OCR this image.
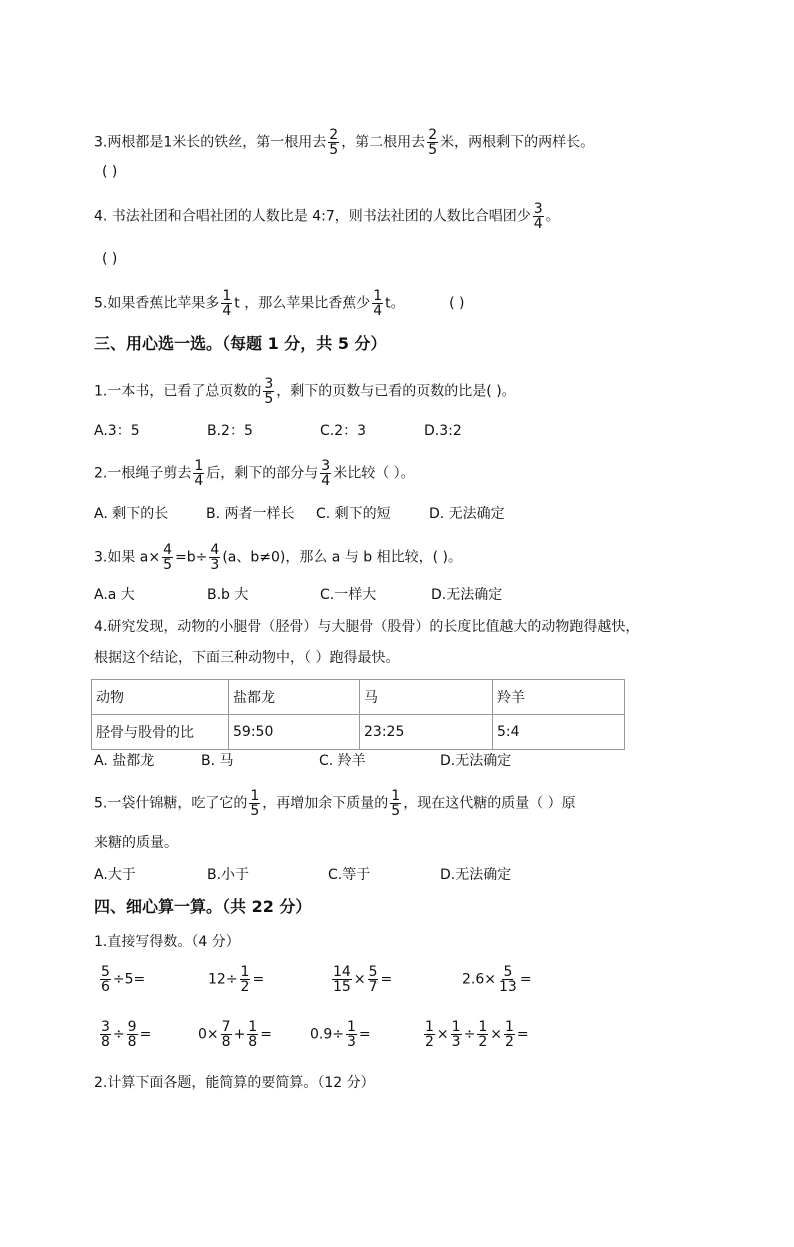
3.两根都是1米长的铁丝，第一根用去 $\frac{2}{5}$ ，第二根用去 $\frac{2}{5}$ 米，两根剩下的两样长。
( )
4. 书法社团和合唱社团的人数比是 4:7，则书法社团的人数比合唱团少 $\frac{3}{4}$ 。
( )
5.如果香蕉比苹果多 $\frac{1}{4}$ t ，那么苹果比香蕉少 $\frac{1}{4}$ t。	( )
三、用心选一选。（每题 1 分，共 5 分）
1.一本书，已看了总页数的 $\frac{3}{5}$ ，剩下的页数与已看的页数的比是( )。
A.3：5	B.2：5	C.2：3	D.3:2
2.一根绳子剪去 $\frac{1}{4}$ 后，剩下的部分与 $\frac{3}{4}$ 米比较（ ）。
A. 剩下的长	B. 两者一样长 C. 剩下的短	D. 无法确定
3.如果 $a\times \frac{4}{5} =b\div \frac{4}{3} (a$、b≠0)，那么 a 与 b 相比较，( )。
A.a 大	B.b 大	C.一样大	D.无法确定
4.研究发现，动物的小腿骨（胫骨）与大腿骨（股骨）的长度比值越大的动物跑得越快，
根据这个结论，下面三种动物中，（ ）跑得最快。
动物	盐都龙	马	羚羊
胫骨与股骨的比	59:50	23:25	5:4
A. 盐都龙	B. 马	C. 羚羊	D.无法确定
5.一袋什锦糖，吃了它的 $\frac{1}{5}$ ，再增加余下质量的 $\frac{1}{5}$ ，现在这代糖的质量（ ）原
来糖的质量。
A.大于	B.小于	C.等于	D.无法确定
四、细心算一算。（共 22 分）
1.直接写得数。（4 分）
$\frac{5}{6} \div 5=$	$12\div \frac{1}{2}$ =	$\frac{14}{15} \times \frac{5}{7}$ =	$2.6\times \frac{5}{13}$ =
$\frac{3}{8} \div \frac{9}{8}$ =	$0\times \frac{7}{8} + \frac{1}{8}$ =	$0.9\div \frac{1}{3}$ =	$\frac{1}{2} \times \frac{1}{3} \div \frac{1}{2} \times \frac{1}{2}$ =
2.计算下面各题，能简算的要简算。（12 分）
